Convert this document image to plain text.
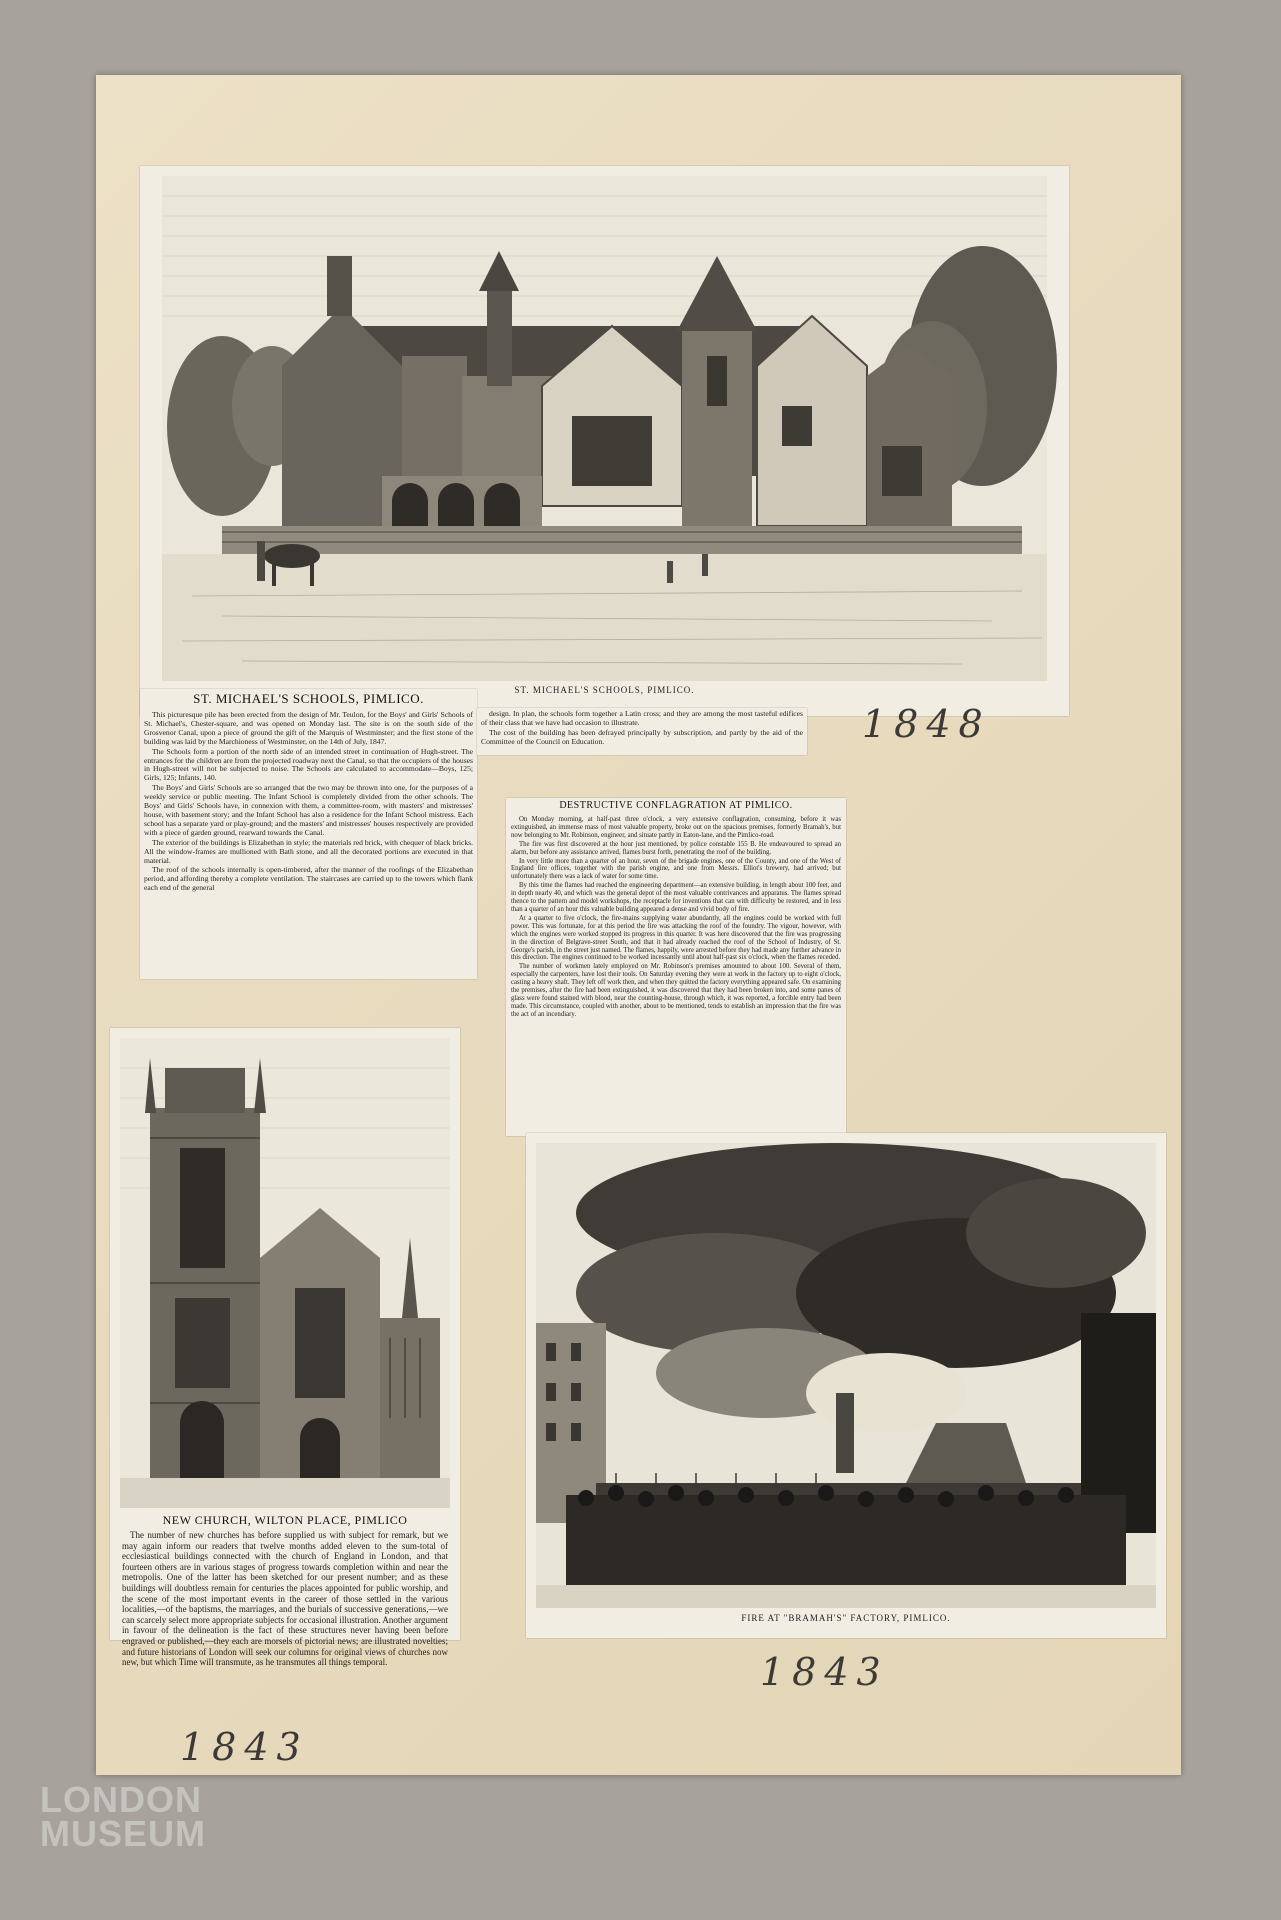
ST. MICHAEL'S SCHOOLS, PIMLICO.
ST. MICHAEL'S SCHOOLS, PIMLICO.

This picturesque pile has been erected from the design of Mr. Teulon, for the Boys' and Girls' Schools of St. Michael's, Chester-square, and was opened on Monday last. The site is on the south side of the Grosvenor Canal, upon a piece of ground the gift of the Marquis of Westminster; and the first stone of the building was laid by the Marchioness of Westminster, on the 14th of July, 1847.

The Schools form a portion of the north side of an intended street in continuation of Hugh-street. The entrances for the children are from the projected roadway next the Canal, so that the occupiers of the houses in Hugh-street will not be subjected to noise. The Schools are calculated to accommodate—Boys, 125; Girls, 125; Infants, 140.

The Boys' and Girls' Schools are so arranged that the two may be thrown into one, for the purposes of a weekly service or public meeting. The Infant School is completely divided from the other schools. The Boys' and Girls' Schools have, in connexion with them, a committee-room, with masters' and mistresses' house, with basement story; and the Infant School has also a residence for the Infant School mistress. Each school has a separate yard or play-ground; and the masters' and mistresses' houses respectively are provided with a piece of garden ground, rearward towards the Canal.

The exterior of the buildings is Elizabethan in style; the materials red brick, with chequer of black bricks. All the window-frames are mullioned with Bath stone, and all the decorated portions are executed in that material.

The roof of the schools internally is open-timbered, after the manner of the roofings of the Elizabethan period, and affording thereby a complete ventilation. The staircases are carried up to the towers which flank each end of the general

design. In plan, the schools form together a Latin cross; and they are among the most tasteful edifices of their class that we have had occasion to illustrate.

The cost of the building has been defrayed principally by subscription, and partly by the aid of the Committee of the Council on Education.

DESTRUCTIVE CONFLAGRATION AT PIMLICO.

On Monday morning, at half-past three o'clock, a very extensive conflagration, consuming, before it was extinguished, an immense mass of most valuable property, broke out on the spacious premises, formerly Bramah's, but now belonging to Mr. Robinson, engineer, and situate partly in Eaton-lane, and the Pimlico-road.

The fire was first discovered at the hour just mentioned, by police constable 155 B. He endeavoured to spread an alarm, but before any assistance arrived, flames burst forth, penetrating the roof of the building.

In very little more than a quarter of an hour, seven of the brigade engines, one of the County, and one of the West of England fire offices, together with the parish engine, and one from Messrs. Elliot's brewery, had arrived; but unfortunately there was a lack of water for some time.

By this time the flames had reached the engineering department—an extensive building, in length about 100 feet, and in depth nearly 40, and which was the general depot of the most valuable contrivances and apparatus. The flames spread thence to the pattern and model workshops, the receptacle for inventions that can with difficulty be restored, and in less than a quarter of an hour this valuable building appeared a dense and vivid body of fire.

At a quarter to five o'clock, the fire-mains supplying water abundantly, all the engines could be worked with full power. This was fortunate, for at this period the fire was attacking the roof of the foundry. The vigour, however, with which the engines were worked stopped its progress in this quarter. It was here discovered that the fire was progressing in the direction of Belgrave-street South, and that it had already reached the roof of the School of Industry, of St. George's parish, in the street just named. The flames, happily, were arrested before they had made any further advance in this direction. The engines continued to be worked incessantly until about half-past six o'clock, when the flames receded.

The number of workmen lately employed on Mr. Robinson's premises amounted to about 100. Several of them, especially the carpenters, have lost their tools. On Saturday evening they were at work in the factory up to eight o'clock, casting a heavy shaft. They left off work then, and when they quitted the factory everything appeared safe. On examining the premises, after the fire had been extinguished, it was discovered that they had been broken into, and some panes of glass were found stained with blood, near the counting-house, through which, it was reported, a forcible entry had been made. This circumstance, coupled with another, about to be mentioned, tends to establish an impression that the fire was the act of an incendiary.

NEW CHURCH, WILTON PLACE, PIMLICO

The number of new churches has before supplied us with subject for remark, but we may again inform our readers that twelve months added eleven to the sum-total of ecclesiastical buildings connected with the church of England in London, and that fourteen others are in various stages of progress towards completion within and near the metropolis. One of the latter has been sketched for our present number; and as these buildings will doubtless remain for centuries the places appointed for public worship, and the scene of the most important events in the career of those settled in the various localities,—of the baptisms, the marriages, and the burials of successive generations,—we can scarcely select more appropriate subjects for occasional illustration. Another argument in favour of the delineation is the fact of these structures never having been before engraved or published,—they each are morsels of pictorial news; are illustrated novelties; and future historians of London will seek our columns for original views of churches now new, but which Time will transmute, as he transmutes all things temporal.

FIRE AT "BRAMAH'S" FACTORY, PIMLICO.
1848
1843
1843
LONDON
MUSEUM
